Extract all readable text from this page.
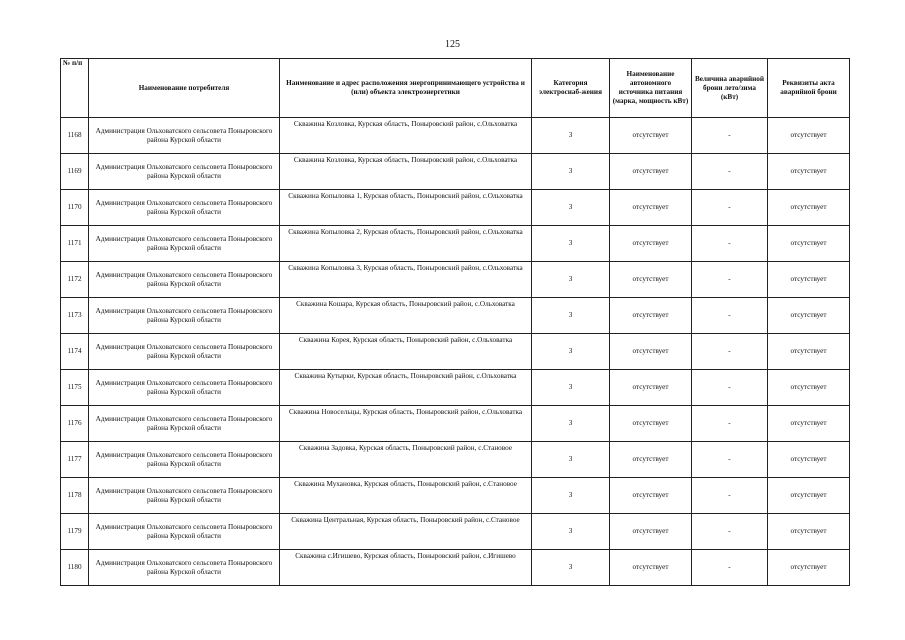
125
№ п/п	Наименование потребителя	Наименование и адрес расположения энергопринимающего устройства и (или) объекта электроэнергетики	Категория электроснаб-жения	Наименование автономного источника питания (марка, мощность кВт)	Величина аварийной брони лето/зима (кВт)	Реквизиты акта аварийной брони
1168	Администрация Ольховатского сельсовета Поныровского района Курской области	Скважина Козловка, Курская область, Поныровский район, с.Ольховатка	3	отсутствует	-	отсутствует
1169	Администрация Ольховатского сельсовета Поныровского района Курской области	Скважина Козловка, Курская область, Поныровский район, с.Ольховатка	3	отсутствует	-	отсутствует
1170	Администрация Ольховатского сельсовета Поныровского района Курской области	Скважина Копыловка 1, Курская область, Поныровский район, с.Ольховатка	3	отсутствует	-	отсутствует
1171	Администрация Ольховатского сельсовета Поныровского района Курской области	Скважина Копыловка 2, Курская область, Поныровский район, с.Ольховатка	3	отсутствует	-	отсутствует
1172	Администрация Ольховатского сельсовета Поныровского района Курской области	Скважина Копыловка 3, Курская область, Поныровский район, с.Ольховатка	3	отсутствует	-	отсутствует
1173	Администрация Ольховатского сельсовета Поныровского района Курской области	Скважина Кошара, Курская область, Поныровский район, с.Ольховатка	3	отсутствует	-	отсутствует
1174	Администрация Ольховатского сельсовета Поныровского района Курской области	Скважина Корея, Курская область, Поныровский район, с.Ольховатка	3	отсутствует	-	отсутствует
1175	Администрация Ольховатского сельсовета Поныровского района Курской области	Скважина Кутырки, Курская область, Поныровский район, с.Ольховатка	3	отсутствует	-	отсутствует
1176	Администрация Ольховатского сельсовета Поныровского района Курской области	Скважина Новосельцы, Курская область, Поныровский район, с.Ольховатка	3	отсутствует	-	отсутствует
1177	Администрация Ольховатского сельсовета Поныровского района Курской области	Скважина Задовка, Курская область, Поныровский район, с.Становое	3	отсутствует	-	отсутствует
1178	Администрация Ольховатского сельсовета Поныровского района Курской области	Скважина Мухановка, Курская область, Поныровский район, с.Становое	3	отсутствует	-	отсутствует
1179	Администрация Ольховатского сельсовета Поныровского района Курской области	Скважина Центральная, Курская область, Поныровский район, с.Становое	3	отсутствует	-	отсутствует
1180	Администрация Ольховатского сельсовета Поныровского района Курской области	Скважина с.Игишево, Курская область, Поныровский район, с.Игишево	3	отсутствует	-	отсутствует
